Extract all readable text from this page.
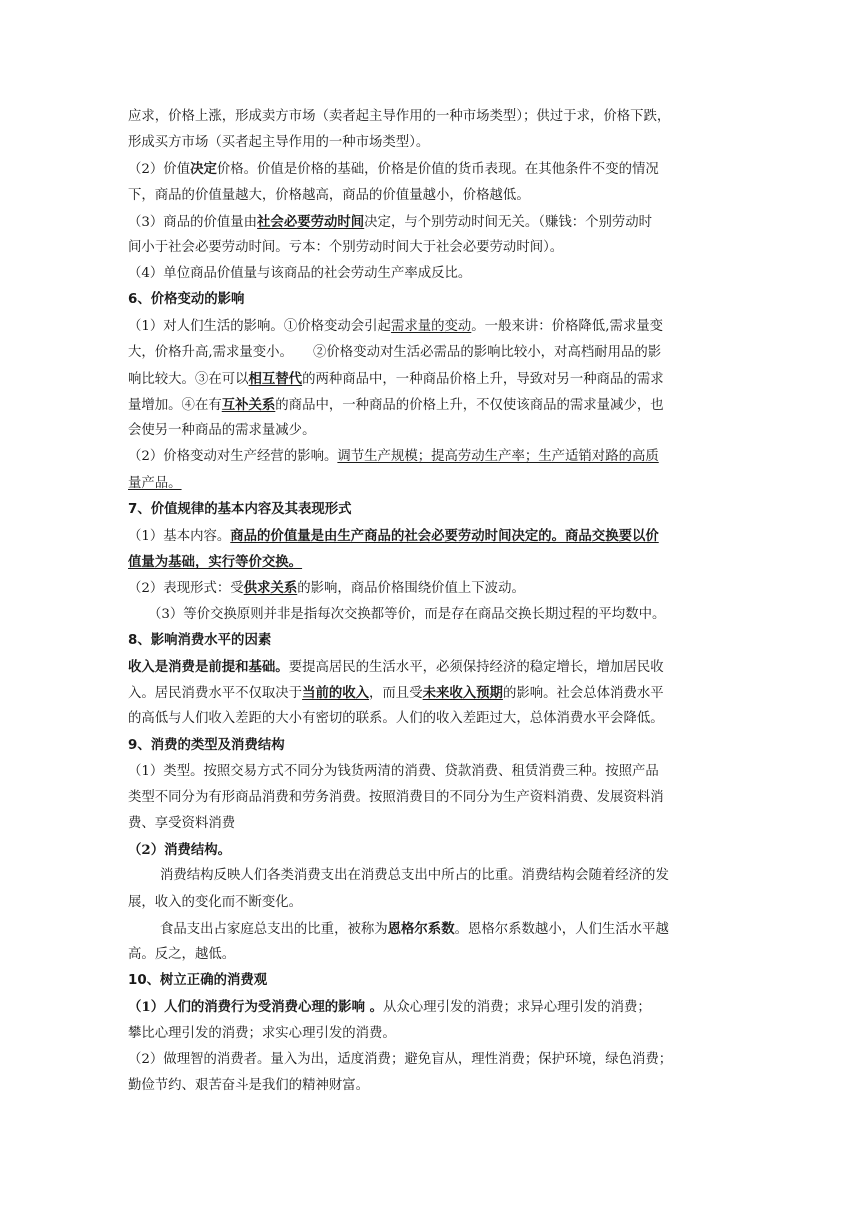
应求，价格上涨，形成卖方市场（卖者起主导作用的一种市场类型）；供过于求，价格下跌，
形成买方市场（买者起主导作用的一种市场类型）。
（2）价值决定价格。价值是价格的基础，价格是价值的货币表现。在其他条件不变的情况
下，商品的价值量越大，价格越高，商品的价值量越小，价格越低。
（3）商品的价值量由社会必要劳动时间决定，与个别劳动时间无关。（赚钱：个别劳动时
间小于社会必要劳动时间。亏本：个别劳动时间大于社会必要劳动时间）。
（4）单位商品价值量与该商品的社会劳动生产率成反比。
6、价格变动的影响
（1）对人们生活的影响。①价格变动会引起需求量的变动。一般来讲：价格降低,需求量变
大，价格升高,需求量变小。　　②价格变动对生活必需品的影响比较小，对高档耐用品的影
响比较大。③在可以相互替代的两种商品中，一种商品价格上升，导致对另一种商品的需求
量增加。④在有互补关系的商品中，一种商品的价格上升，不仅使该商品的需求量减少，也
会使另一种商品的需求量减少。
（2）价格变动对生产经营的影响。调节生产规模；提高劳动生产率；生产适销对路的高质
量产品。
7、价值规律的基本内容及其表现形式
（1）基本内容。商品的价值量是由生产商品的社会必要劳动时间决定的。商品交换要以价
值量为基础，实行等价交换。
（2）表现形式：受供求关系的影响，商品价格围绕价值上下波动。
（3）等价交换原则并非是指每次交换都等价，而是存在商品交换长期过程的平均数中。
8、影响消费水平的因素
收入是消费是前提和基础。要提高居民的生活水平，必须保持经济的稳定增长，增加居民收
入。居民消费水平不仅取决于当前的收入，而且受未来收入预期的影响。社会总体消费水平
的高低与人们收入差距的大小有密切的联系。人们的收入差距过大，总体消费水平会降低。
9、消费的类型及消费结构
（1）类型。按照交易方式不同分为钱货两清的消费、贷款消费、租赁消费三种。按照产品
类型不同分为有形商品消费和劳务消费。按照消费目的不同分为生产资料消费、发展资料消
费、享受资料消费
（2）消费结构。
消费结构反映人们各类消费支出在消费总支出中所占的比重。消费结构会随着经济的发
展，收入的变化而不断变化。
食品支出占家庭总支出的比重，被称为恩格尔系数。恩格尔系数越小，人们生活水平越
高。反之，越低。
10、树立正确的消费观
（1）人们的消费行为受消费心理的影响 。从众心理引发的消费；求异心理引发的消费；
攀比心理引发的消费；求实心理引发的消费。
（2）做理智的消费者。量入为出，适度消费；避免盲从，理性消费；保护环境，绿色消费；
勤俭节约、艰苦奋斗是我们的精神财富。
